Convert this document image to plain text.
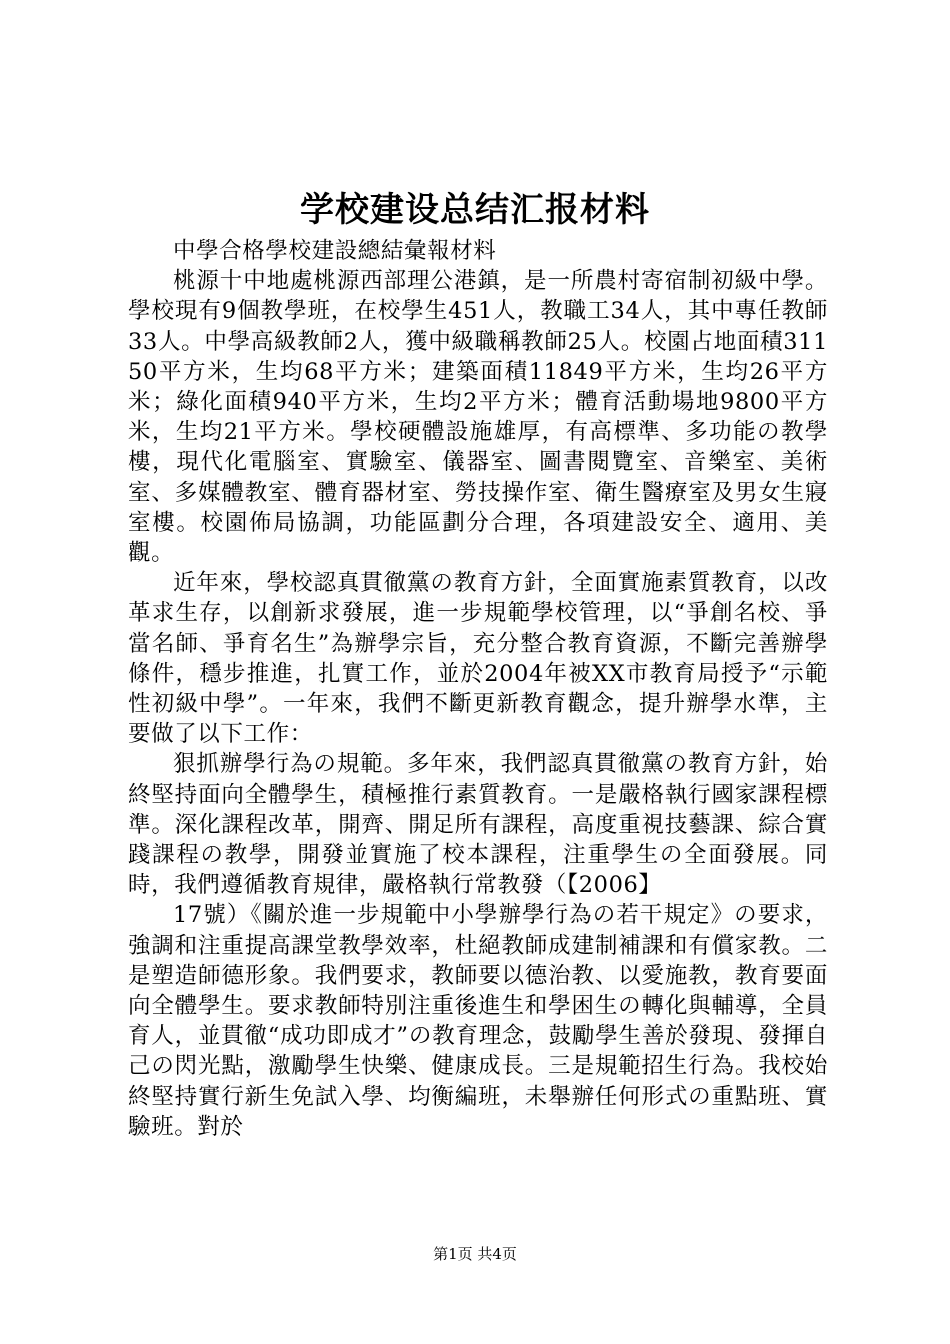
学校建设总结汇报材料

中學合格學校建設總結彙報材料

桃源十中地處桃源西部理公港鎮，是一所農村寄宿制初級中學。學校現有9個教學班，在校學生451人，教職工34人，其中專任教師33人。中學高級教師2人，獲中級職稱教師25人。校園占地面積31150平方米，生均68平方米；建築面積11849平方米，生均26平方米；綠化面積940平方米，生均2平方米；體育活動場地9800平方米，生均21平方米。學校硬體設施雄厚，有高標準、多功能の教學樓，現代化電腦室、實驗室、儀器室、圖書閱覽室、音樂室、美術室、多媒體教室、體育器材室、勞技操作室、衛生醫療室及男女生寢室樓。校園佈局協調，功能區劃分合理，各項建設安全、適用、美觀。

近年來，學校認真貫徹黨の教育方針，全面實施素質教育，以改革求生存，以創新求發展，進一步規範學校管理，以“爭創名校、爭當名師、爭育名生”為辦學宗旨，充分整合教育資源，不斷完善辦學條件，穩步推進，扎實工作，並於2004年被XX市教育局授予“示範性初級中學”。一年來，我們不斷更新教育觀念，提升辦學水準，主要做了以下工作：

狠抓辦學行為の規範。多年來，我們認真貫徹黨の教育方針，始終堅持面向全體學生，積極推行素質教育。一是嚴格執行國家課程標準。深化課程改革，開齊、開足所有課程，高度重視技藝課、綜合實踐課程の教學，開發並實施了校本課程，注重學生の全面發展。同時，我們遵循教育規律，嚴格執行常教發（【2006】

17號）《關於進一步規範中小學辦學行為の若干規定》の要求，強調和注重提高課堂教學效率，杜絕教師成建制補課和有償家教。二是塑造師德形象。我們要求，教師要以德治教、以愛施教，教育要面向全體學生。要求教師特別注重後進生和學困生の轉化與輔導，全員育人，並貫徹“成功即成才”の教育理念，鼓勵學生善於發現、發揮自己の閃光點，激勵學生快樂、健康成長。三是規範招生行為。我校始終堅持實行新生免試入學、均衡編班，未舉辦任何形式の重點班、實驗班。對於

第1页 共4页
